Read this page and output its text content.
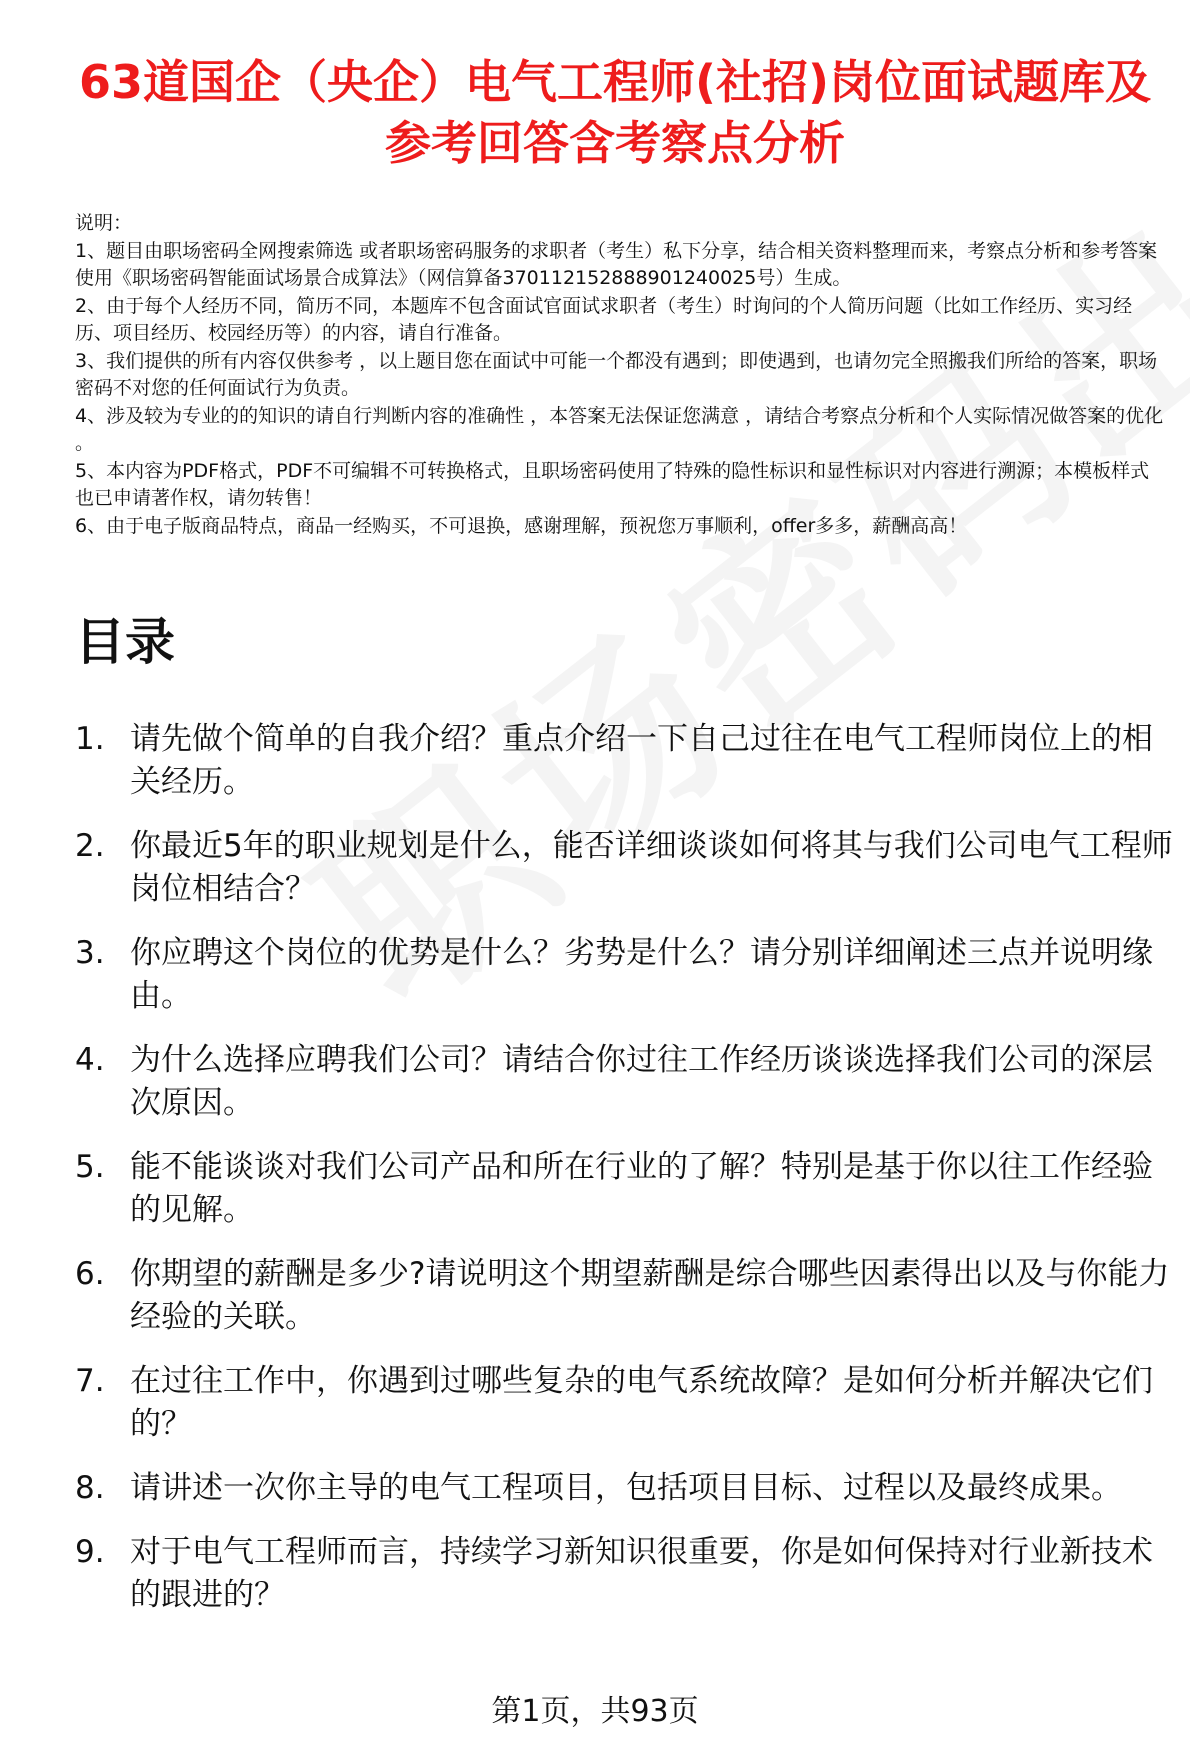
63道国企（央企）电气工程师(社招)岗位面试题库及参考回答含考察点分析
说明：
1、题目由职场密码全网搜索筛选 或者职场密码服务的求职者（考生）私下分享，结合相关资料整理而来，考察点分析和参考答案使用《职场密码智能面试场景合成算法》（网信算备370112152888901240025号）生成。
2、由于每个人经历不同，简历不同，本题库不包含面试官面试求职者（考生）时询问的个人简历问题（比如工作经历、实习经历、项目经历、校园经历等）的内容，请自行准备。
3、我们提供的所有内容仅供参考 ，以上题目您在面试中可能一个都没有遇到；即使遇到，也请勿完全照搬我们所给的答案，职场密码不对您的任何面试行为负责。
4、涉及较为专业的的知识的请自行判断内容的准确性 ，本答案无法保证您满意 ，请结合考察点分析和个人实际情况做答案的优化 。
5、本内容为PDF格式，PDF不可编辑不可转换格式，且职场密码使用了特殊的隐性标识和显性标识对内容进行溯源；本模板样式也已申请著作权，请勿转售！
6、由于电子版商品特点，商品一经购买，不可退换，感谢理解，预祝您万事顺利，offer多多，薪酬高高！
目录
1. 请先做个简单的自我介绍？重点介绍一下自己过往在电气工程师岗位上的相关经历。
2. 你最近5年的职业规划是什么，能否详细谈谈如何将其与我们公司电气工程师岗位相结合？
3. 你应聘这个岗位的优势是什么？劣势是什么？请分别详细阐述三点并说明缘由。
4. 为什么选择应聘我们公司？请结合你过往工作经历谈谈选择我们公司的深层次原因。
5. 能不能谈谈对我们公司产品和所在行业的了解？特别是基于你以往工作经验的见解。
6. 你期望的薪酬是多少?请说明这个期望薪酬是综合哪些因素得出以及与你能力经验的关联。
7. 在过往工作中，你遇到过哪些复杂的电气系统故障？是如何分析并解决它们的？
8. 请讲述一次你主导的电气工程项目，包括项目目标、过程以及最终成果。
9. 对于电气工程师而言，持续学习新知识很重要，你是如何保持对行业新技术的跟进的？
第1页，共93页
